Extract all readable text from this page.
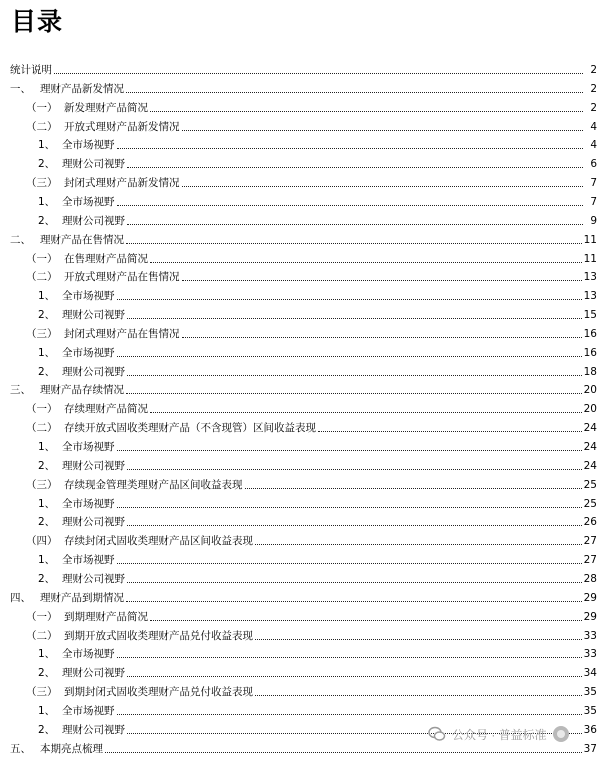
目录
统计说明	2
一、 理财产品新发情况	2
（一） 新发理财产品简况	2
（二） 开放式理财产品新发情况	4
1、 全市场视野	4
2、 理财公司视野	6
（三） 封闭式理财产品新发情况	7
1、 全市场视野	7
2、 理财公司视野	9
二、 理财产品在售情况	11
（一） 在售理财产品简况	11
（二） 开放式理财产品在售情况	13
1、 全市场视野	13
2、 理财公司视野	15
（三） 封闭式理财产品在售情况	16
1、 全市场视野	16
2、 理财公司视野	18
三、 理财产品存续情况	20
（一） 存续理财产品简况	20
（二） 存续开放式固收类理财产品（不含现管）区间收益表现	24
1、 全市场视野	24
2、 理财公司视野	24
（三） 存续现金管理类理财产品区间收益表现	25
1、 全市场视野	25
2、 理财公司视野	26
（四） 存续封闭式固收类理财产品区间收益表现	27
1、 全市场视野	27
2、 理财公司视野	28
四、 理财产品到期情况	29
（一） 到期理财产品简况	29
（二） 到期开放式固收类理财产品兑付收益表现	33
1、 全市场视野	33
2、 理财公司视野	34
（三） 到期封闭式固收类理财产品兑付收益表现	35
1、 全市场视野	35
2、 理财公司视野	36
五、 本期亮点梳理	37
公众号 · 普益标准
